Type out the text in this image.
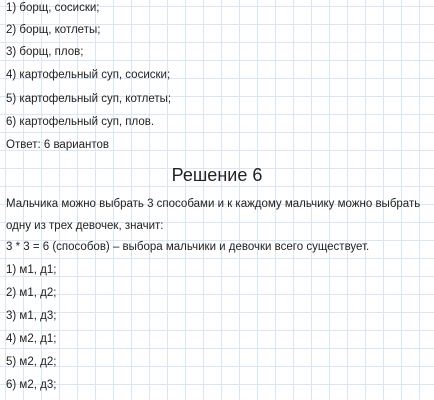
1) борщ, сосиски;
2) борщ, котлеты;
3) борщ, плов;
4) картофельный суп, сосиски;
5) картофельный суп, котлеты;
6) картофельный суп, плов.
Ответ: 6 вариантов
Решение 6
Мальчика можно выбрать 3 способами и к каждому мальчику можно выбрать
одну из трех девочек, значит:
3 * 3 = 6 (способов) – выбора мальчики и девочки всего существует.
1) м1, д1;
2) м1, д2;
3) м1, д3;
4) м2, д1;
5) м2, д2;
6) м2, д3;
